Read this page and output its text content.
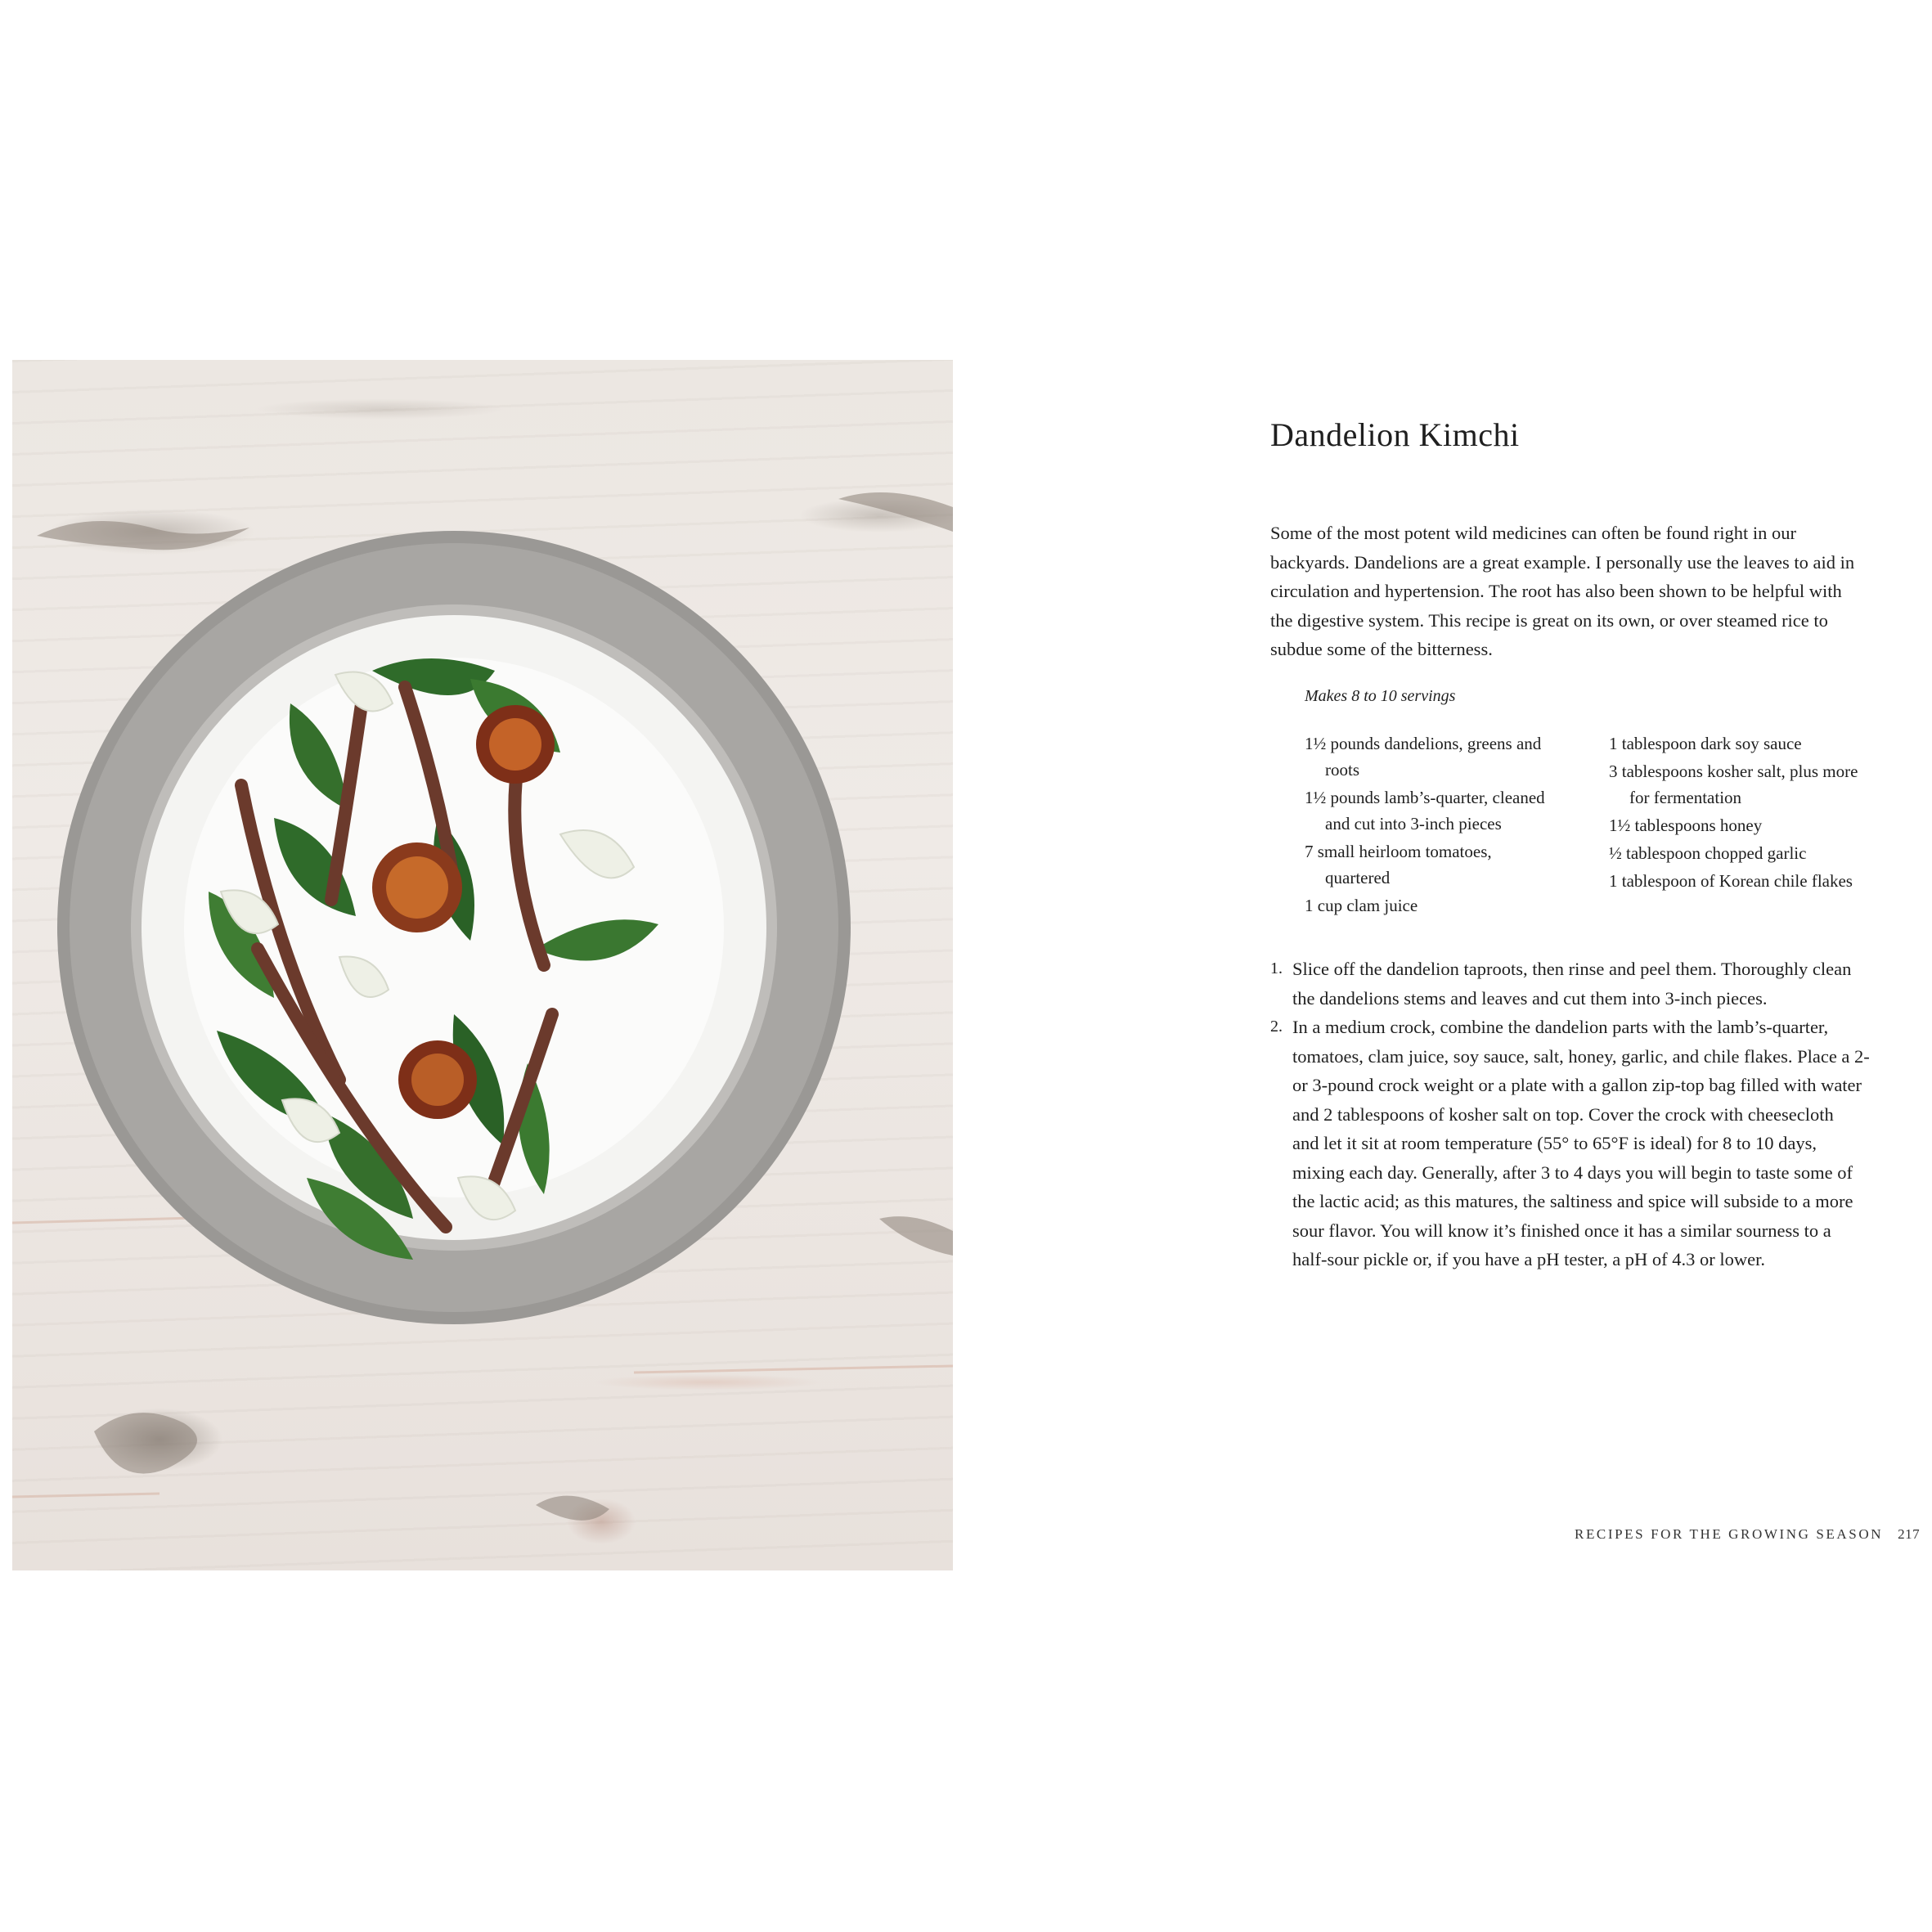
Dandelion Kimchi

Some of the most potent wild medicines can often be found right in our
backyards. Dandelions are a great example. I personally use the leaves to aid in
circulation and hypertension. The root has also been shown to be helpful with
the digestive system. This recipe is great on its own, or over steamed rice to
subdue some of the bitterness.

Makes 8 to 10 servings

1½ pounds dandelions, greens and
roots
1½ pounds lamb’s-quarter, cleaned
and cut into 3-inch pieces
7 small heirloom tomatoes,
quartered
1 cup clam juice
1 tablespoon dark soy sauce
3 tablespoons kosher salt, plus more
for fermentation
1½ tablespoons honey
½ tablespoon chopped garlic
1 tablespoon of Korean chile flakes
1. Slice off the dandelion taproots, then rinse and peel them. Thoroughly clean
the dandelions stems and leaves and cut them into 3-inch pieces.
2. In a medium crock, combine the dandelion parts with the lamb’s-quarter,
tomatoes, clam juice, soy sauce, salt, honey, garlic, and chile flakes. Place a 2-
or 3-pound crock weight or a plate with a gallon zip-top bag filled with water
and 2 tablespoons of kosher salt on top. Cover the crock with cheesecloth
and let it sit at room temperature (55° to 65°F is ideal) for 8 to 10 days,
mixing each day. Generally, after 3 to 4 days you will begin to taste some of
the lactic acid; as this matures, the saltiness and spice will subside to a more
sour flavor. You will know it’s finished once it has a similar sourness to a
half-sour pickle or, if you have a pH tester, a pH of 4.3 or lower.
RECIPES FOR THE GROWING SEASON 217
